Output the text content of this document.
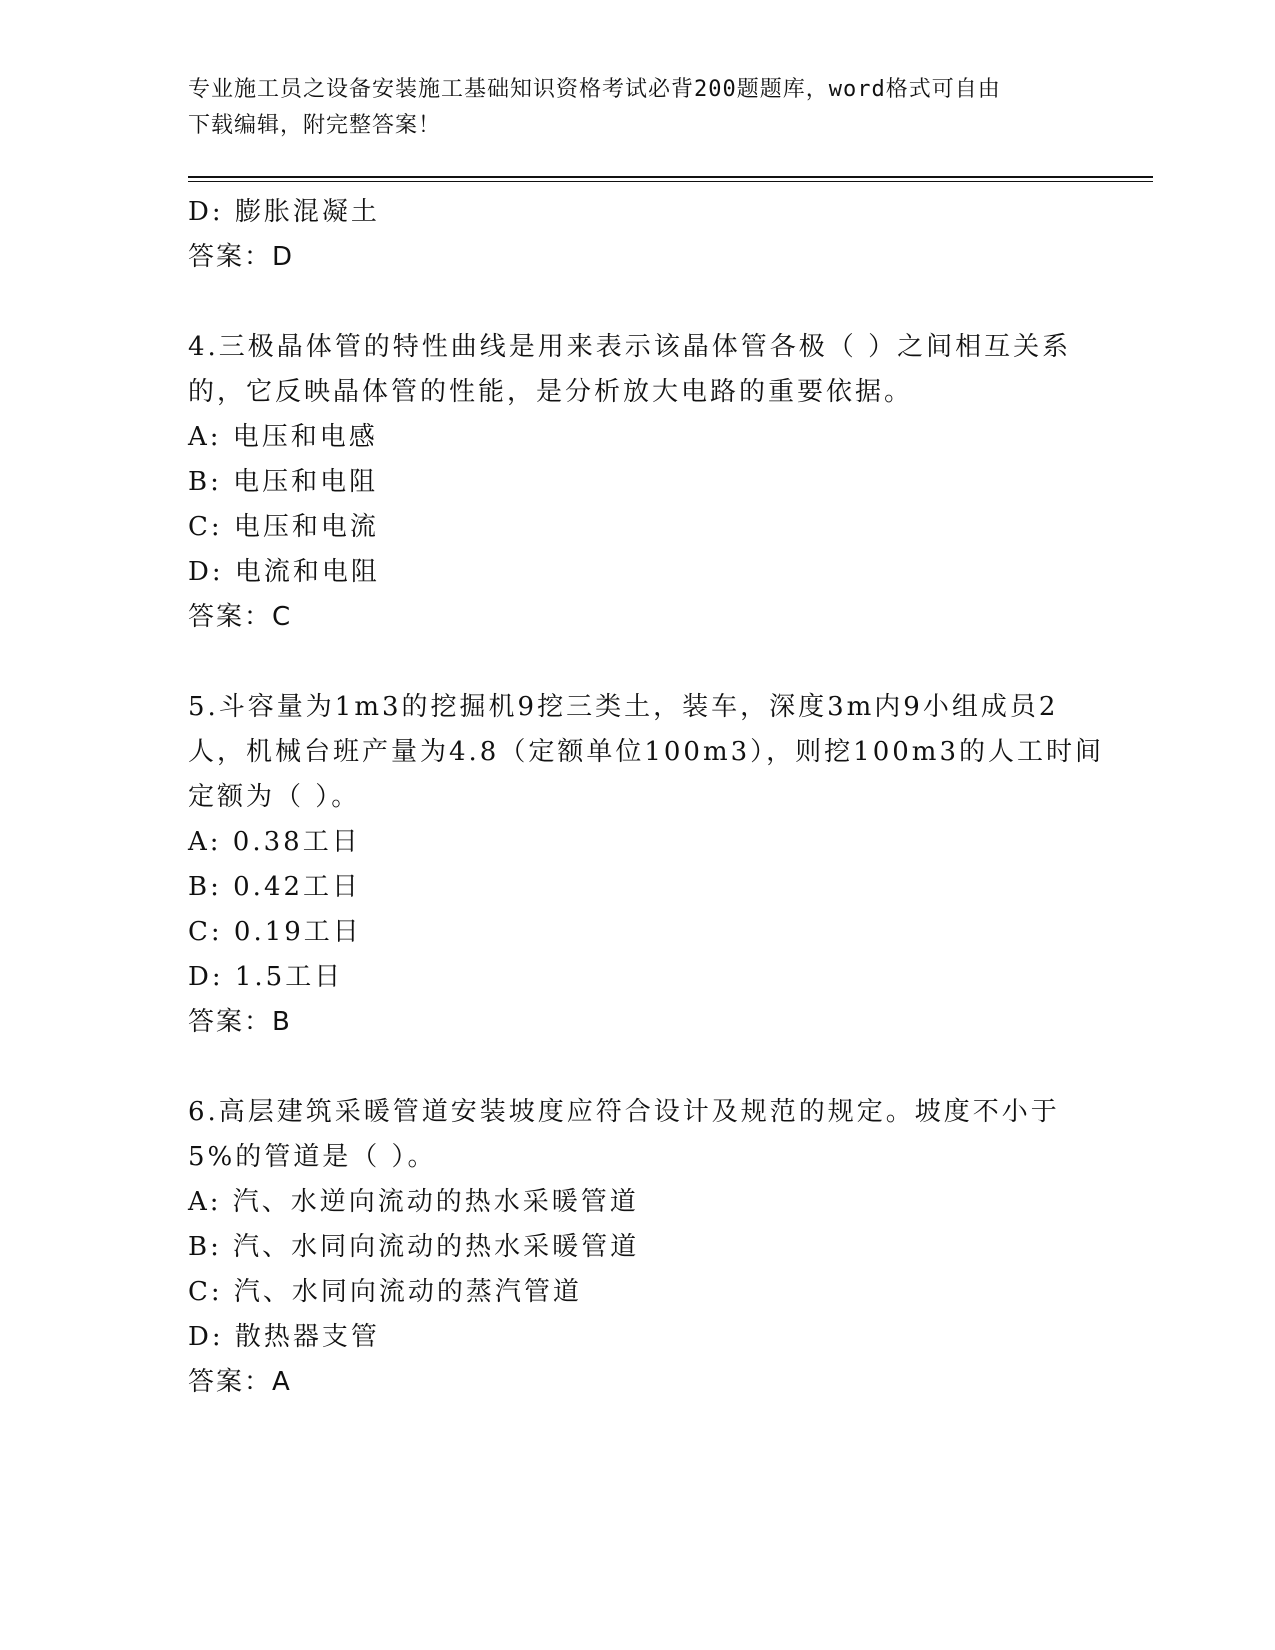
专业施工员之设备安装施工基础知识资格考试必背200题题库，word格式可自由
下载编辑，附完整答案！
D: 膨胀混凝土
答案：D
4.三极晶体管的特性曲线是用来表示该晶体管各极（ ）之间相互关系
的，它反映晶体管的性能，是分析放大电路的重要依据。
A: 电压和电感
B: 电压和电阻
C: 电压和电流
D: 电流和电阻
答案：C
5.斗容量为1m3的挖掘机9挖三类土，装车，深度3m内9小组成员2
人，机械台班产量为4.8（定额单位100m3），则挖100m3的人工时间
定额为（ ）。
A: 0.38工日
B: 0.42工日
C: 0.19工日
D: 1.5工日
答案：B
6.高层建筑采暖管道安装坡度应符合设计及规范的规定。坡度不小于
5%的管道是（ ）。
A: 汽、水逆向流动的热水采暖管道
B: 汽、水同向流动的热水采暖管道
C: 汽、水同向流动的蒸汽管道
D: 散热器支管
答案：A
